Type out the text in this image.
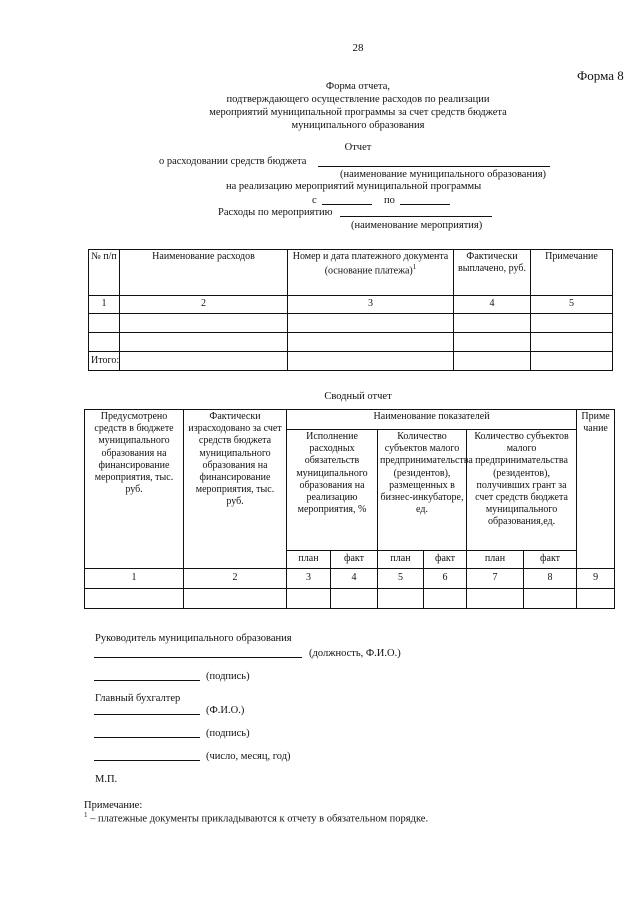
28
Форма 8
Форма отчета,
подтверждающего осуществление расходов по реализации
мероприятий муниципальной программы за счет средств бюджета
муниципального образования
Отчет
о расходовании средств бюджета
(наименование муниципального образования)
на реализацию мероприятий муниципальной программы
с	по
Расходы по мероприятию
(наименование мероприятия)
№ п/п	Наименование расходов	Номер и дата платежного документа (основание платежа)$^1$	Фактически выплачено, руб.	Примечание
1	2	3	4	5

Итого:				
Сводный отчет
Предусмотрено средств в бюджете муниципального образования на финансирование мероприятия, тыс. руб.	Фактически израсходовано за счет средств бюджета муниципального образования на финансирование мероприятия, тыс. руб.	Наименование показателей						Примечание
		Исполнение расходных обязательств муниципального образования на реализацию мероприятия, %		Количество субъектов малого предпринимательства (резидентов), размещенных в бизнес-инкубаторе, ед.		Количество субъектов малого предпринимательства (резидентов), получивших грант за счет средств бюджета муниципального образования,ед.		
		план	факт	план	факт	план	факт	
1	2	3	4	5	6	7	8	9

Руководитель муниципального образования
(должность, Ф.И.О.)
(подпись)
Главный бухгалтер
(Ф.И.О.)
(подпись)
(число, месяц, год)
М.П.
Примечание:
$^1$ – платежные документы прикладываются к отчету в обязательном порядке.
